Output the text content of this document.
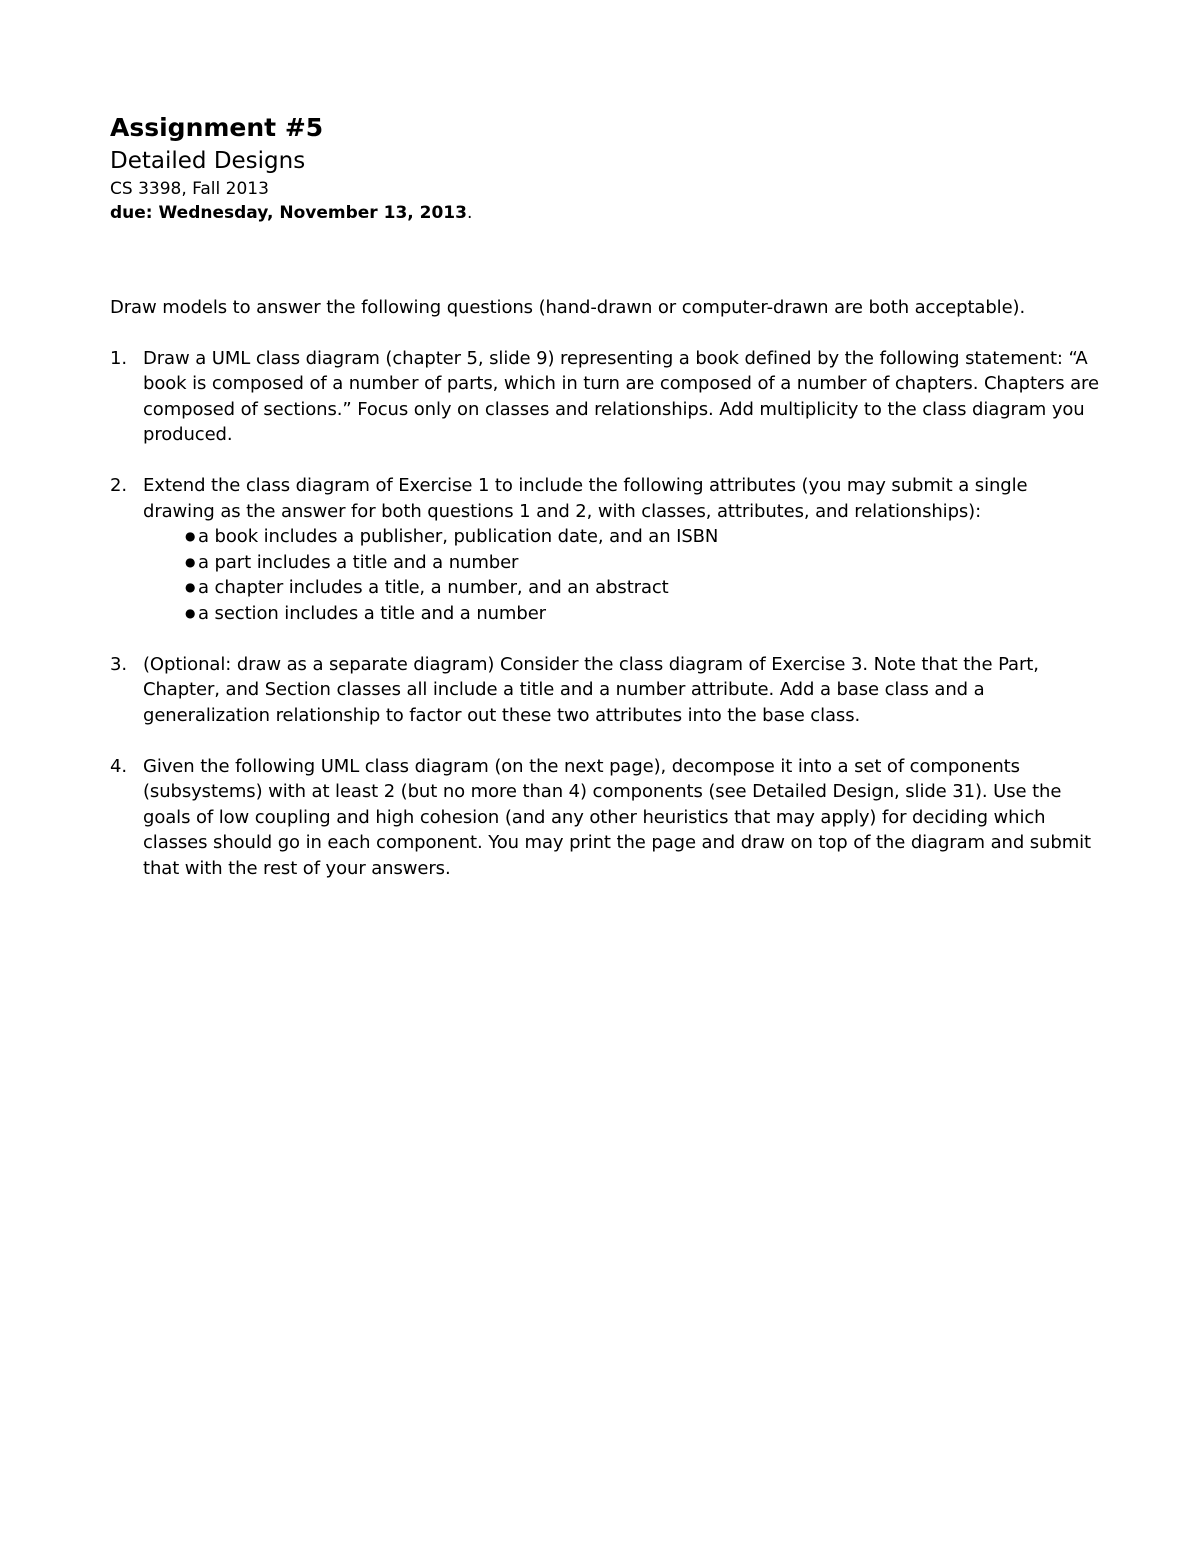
Assignment #5

Detailed Designs

CS 3398, Fall 2013

due: Wednesday, November 13, 2013.

Draw models to answer the following questions (hand-drawn or computer-drawn are both acceptable).

1. Draw a UML class diagram (chapter 5, slide 9) representing a book defined by the following statement: “A book is composed of a number of parts, which in turn are composed of a number of chapters. Chapters are composed of sections.” Focus only on classes and relationships. Add multiplicity to the class diagram you produced.
2. Extend the class diagram of Exercise 1 to include the following attributes (you may submit a single drawing as the answer for both questions 1 and 2, with classes, attributes, and relationships):
● a book includes a publisher, publication date, and an ISBN
● a part includes a title and a number
● a chapter includes a title, a number, and an abstract
● a section includes a title and a number
3. (Optional: draw as a separate diagram) Consider the class diagram of Exercise 3. Note that the Part, Chapter, and Section classes all include a title and a number attribute. Add a base class and a generalization relationship to factor out these two attributes into the base class.
4. Given the following UML class diagram (on the next page), decompose it into a set of components (subsystems) with at least 2 (but no more than 4) components (see Detailed Design, slide 31). Use the goals of low coupling and high cohesion (and any other heuristics that may apply) for deciding which classes should go in each component. You may print the page and draw on top of the diagram and submit that with the rest of your answers.
